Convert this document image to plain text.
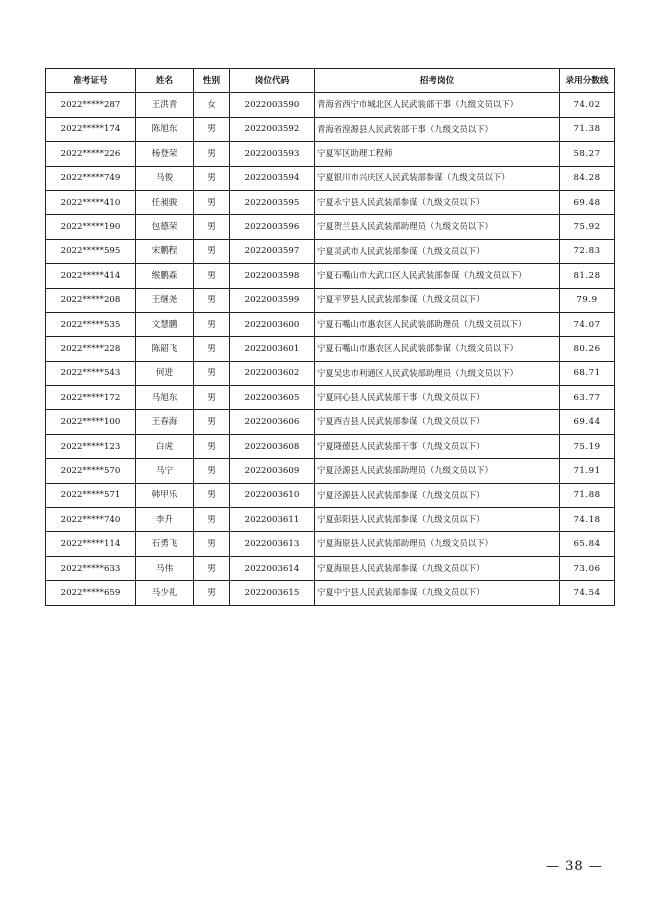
准考证号	姓名	性别	岗位代码	招考岗位	录用分数线
2022*****287	王洪青	女	2022003590	青海省西宁市城北区人民武装部干事（九级文员以下）	74.02
2022*****174	陈旭东	男	2022003592	青海省湟源县人民武装部干事（九级文员以下）	71.38
2022*****226	杨登荣	男	2022003593	宁夏军区助理工程师	58.27
2022*****749	马俊	男	2022003594	宁夏银川市兴庆区人民武装部参谋（九级文员以下）	84.28
2022*****410	任昶骏	男	2022003595	宁夏永宁县人民武装部参谋（九级文员以下）	69.48
2022*****190	包德荣	男	2022003596	宁夏贺兰县人民武装部助理员（九级文员以下）	75.92
2022*****595	宋鹏程	男	2022003597	宁夏灵武市人民武装部参谋（九级文员以下）	72.83
2022*****414	缑鹏森	男	2022003598	宁夏石嘴山市大武口区人民武装部参谋（九级文员以下）	81.28
2022*****208	王继尧	男	2022003599	宁夏平罗县人民武装部参谋（九级文员以下）	79.9
2022*****535	文慧鹏	男	2022003600	宁夏石嘴山市惠农区人民武装部助理员（九级文员以下）	74.07
2022*****228	陈韶飞	男	2022003601	宁夏石嘴山市惠农区人民武装部参谋（九级文员以下）	80.26
2022*****543	何进	男	2022003602	宁夏吴忠市利通区人民武装部助理员（九级文员以下）	68.71
2022*****172	马旭东	男	2022003605	宁夏同心县人民武装部干事（九级文员以下）	63.77
2022*****100	王春海	男	2022003606	宁夏西吉县人民武装部参谋（九级文员以下）	69.44
2022*****123	白虎	男	2022003608	宁夏隆德县人民武装部干事（九级文员以下）	75.19
2022*****570	马宁	男	2022003609	宁夏泾源县人民武装部助理员（九级文员以下）	71.91
2022*****571	韩甲乐	男	2022003610	宁夏泾源县人民武装部参谋（九级文员以下）	71.88
2022*****740	李升	男	2022003611	宁夏彭阳县人民武装部参谋（九级文员以下）	74.18
2022*****114	石勇飞	男	2022003613	宁夏海原县人民武装部助理员（九级文员以下）	65.84
2022*****633	马伟	男	2022003614	宁夏海原县人民武装部参谋（九级文员以下）	73.06
2022*****659	马少礼	男	2022003615	宁夏中宁县人民武装部参谋（九级文员以下）	74.54
— 38 —
